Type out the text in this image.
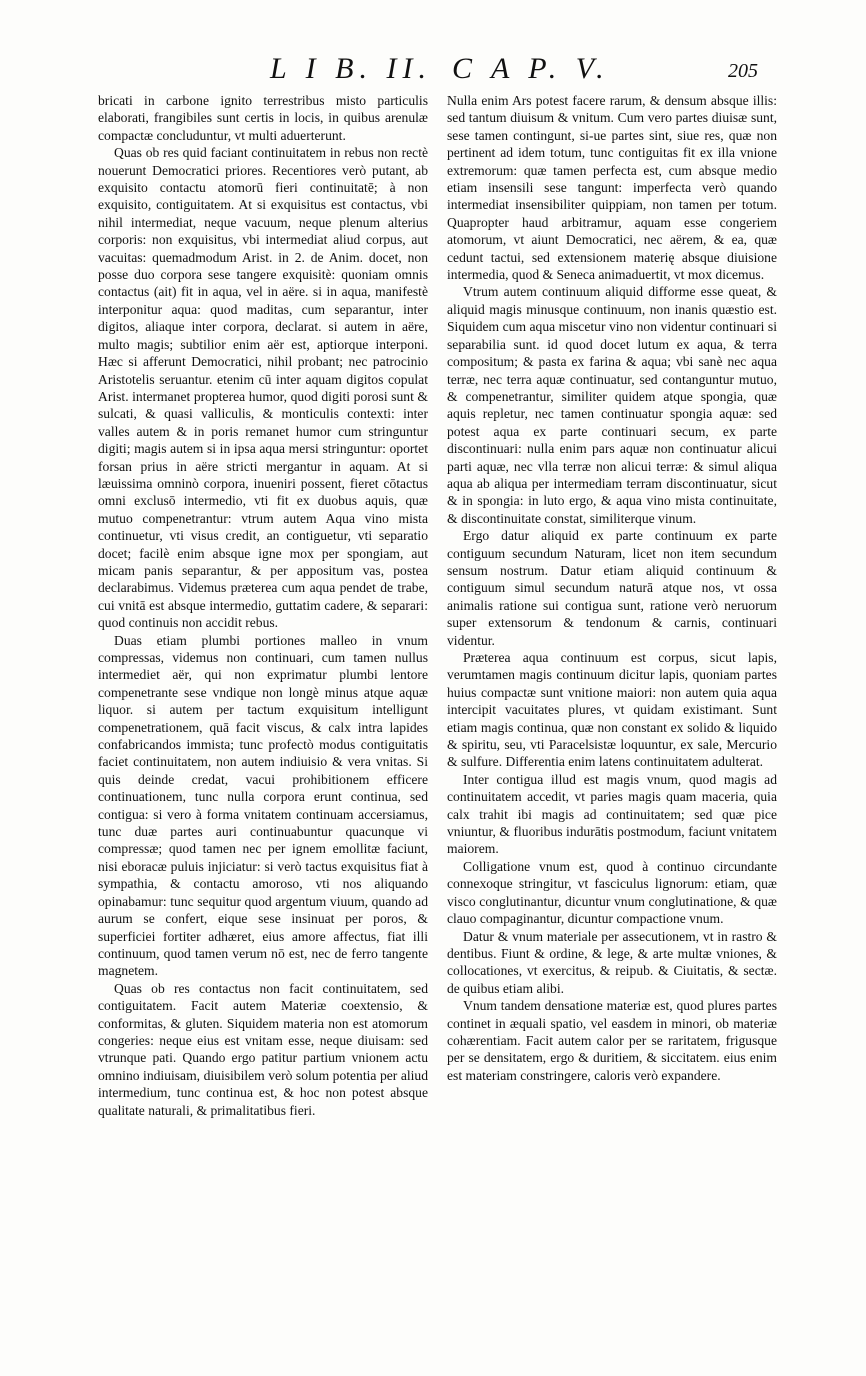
L I B. II. C A P. V.	205

bricati in carbone ignito terrestribus misto particulis elaborati, frangibiles sunt certis in locis, in quibus arenulæ compactæ concluduntur, vt multi aduerterunt.

Quas ob res quid faciant continuitatem in rebus non rectè nouerunt Democratici priores. Recentiores verò putant, ab exquisito contactu atomorū fieri continuitatē; à non exquisito, contiguitatem. At si exquisitus est contactus, vbi nihil intermediat, neque vacuum, neque plenum alterius corporis: non exquisitus, vbi intermediat aliud corpus, aut vacuitas: quemadmodum Arist. in 2. de Anim. docet, non posse duo corpora sese tangere exquisitè: quoniam omnis contactus (ait) fit in aqua, vel in aëre. si in aqua, manifestè interponitur aqua: quod maditas, cum separantur, inter digitos, aliaque inter corpora, declarat. si autem in aëre, multo magis; subtilior enim aër est, aptiorque interponi. Hæc si afferunt Democratici, nihil probant; nec patrocinio Aristotelis seruantur. etenim cū inter aquam digitos copulat Arist. intermanet propterea humor, quod digiti porosi sunt & sulcati, & quasi valliculis, & monticulis contexti: inter valles autem & in poris remanet humor cum stringuntur digiti; magis autem si in ipsa aqua mersi stringuntur: oportet forsan prius in aëre stricti mergantur in aquam. At si læuissima omninò corpora, inueniri possent, fieret cōtactus omni exclusō intermedio, vti fit ex duobus aquis, quæ mutuo compenetrantur: vtrum autem Aqua vino mista continuetur, vti visus credit, an contiguetur, vti separatio docet; facilè enim absque igne mox per spongiam, aut micam panis separantur, & per appositum vas, postea declarabimus. Videmus præterea cum aqua pendet de trabe, cui vnitā est absque intermedio, guttatim cadere, & separari: quod continuis non accidit rebus.

Duas etiam plumbi portiones malleo in vnum compressas, videmus non continuari, cum tamen nullus intermediet aër, qui non exprimatur plumbi lentore compenetrante sese vndique non longè minus atque aquæ liquor. si autem per tactum exquisitum intelligunt compenetrationem, quā facit viscus, & calx intra lapides confabricandos immista; tunc profectò modus contiguitatis faciet continuitatem, non autem indiuisio & vera vnitas. Si quis deinde credat, vacui prohibitionem efficere continuationem, tunc nulla corpora erunt continua, sed contigua: si vero à forma vnitatem continuam accersiamus, tunc duæ partes auri continuabuntur quacunque vi compressæ; quod tamen nec per ignem emollitæ faciunt, nisi eboracæ puluis injiciatur: si verò tactus exquisitus fiat à sympathia, & contactu amoroso, vti nos aliquando opinabamur: tunc sequitur quod argentum viuum, quando ad aurum se confert, eique sese insinuat per poros, & superficiei fortiter adhæret, eius amore affectus, fiat illi continuum, quod tamen verum nō est, nec de ferro tangente magnetem.

Quas ob res contactus non facit continuitatem, sed contiguitatem. Facit autem Materiæ coextensio, & conformitas, & gluten. Siquidem materia non est atomorum congeries: neque eius est vnitam esse, neque diuisam: sed vtrunque pati. Quando ergo patitur partium vnionem actu omnino indiuisam, diuisibilem verò solum potentia per aliud intermedium, tunc continua est, & hoc non potest absque qualitate naturali, & primalitatibus fieri.

Nulla enim Ars potest facere rarum, & densum absque illis: sed tantum diuisum & vnitum. Cum vero partes diuisæ sunt, sese tamen contingunt, si-ue partes sint, siue res, quæ non pertinent ad idem totum, tunc contiguitas fit ex illa vnione extremorum: quæ tamen perfecta est, cum absque medio etiam insensili sese tangunt: imperfecta verò quando intermediat insensibiliter quippiam, non tamen per totum. Quapropter haud arbitramur, aquam esse congeriem atomorum, vt aiunt Democratici, nec aërem, & ea, quæ cedunt tactui, sed extensionem materię absque diuisione intermedia, quod & Seneca animaduertit, vt mox dicemus.

Vtrum autem continuum aliquid difforme esse queat, & aliquid magis minusque continuum, non inanis quæstio est. Siquidem cum aqua miscetur vino non videntur continuari si separabilia sunt. id quod docet lutum ex aqua, & terra compositum; & pasta ex farina & aqua; vbi sanè nec aqua terræ, nec terra aquæ continuatur, sed contanguntur mutuo, & compenetrantur, similiter quidem atque spongia, quæ aquis repletur, nec tamen continuatur spongia aquæ: sed potest aqua ex parte continuari secum, ex parte discontinuari: nulla enim pars aquæ non continuatur alicui parti aquæ, nec vlla terræ non alicui terræ: & simul aliqua aqua ab aliqua per intermediam terram discontinuatur, sicut & in spongia: in luto ergo, & aqua vino mista continuitate, & discontinuitate constat, similiterque vinum.

Ergo datur aliquid ex parte continuum ex parte contiguum secundum Naturam, licet non item secundum sensum nostrum. Datur etiam aliquid continuum & contiguum simul secundum naturā atque nos, vt ossa animalis ratione sui contigua sunt, ratione verò neruorum super extensorum & tendonum & carnis, continuari videntur.

Præterea aqua continuum est corpus, sicut lapis, verumtamen magis continuum dicitur lapis, quoniam partes huius compactæ sunt vnitione maiori: non autem quia aqua intercipit vacuitates plures, vt quidam existimant. Sunt etiam magis continua, quæ non constant ex solido & liquido & spiritu, seu, vti Paracelsistæ loquuntur, ex sale, Mercurio & sulfure. Differentia enim latens continuitatem adulterat.

Inter contigua illud est magis vnum, quod magis ad continuitatem accedit, vt paries magis quam maceria, quia calx trahit ibi magis ad continuitatem; sed quæ pice vniuntur, & fluoribus indurātis postmodum, faciunt vnitatem maiorem.

Colligatione vnum est, quod à continuo circundante connexoque stringitur, vt fasciculus lignorum: etiam, quæ visco conglutinantur, dicuntur vnum conglutinatione, & quæ clauo compaginantur, dicuntur compactione vnum.

Datur & vnum materiale per assecutionem, vt in rastro & dentibus. Fiunt & ordine, & lege, & arte multæ vniones, & collocationes, vt exercitus, & reipub. & Ciuitatis, & sectæ. de quibus etiam alibi.

Vnum tandem densatione materiæ est, quod plures partes continet in æquali spatio, vel easdem in minori, ob materiæ cohærentiam. Facit autem calor per se raritatem, frigusque per se densitatem, ergo & duritiem, & siccitatem. eius enim est materiam constringere, caloris verò expandere.
